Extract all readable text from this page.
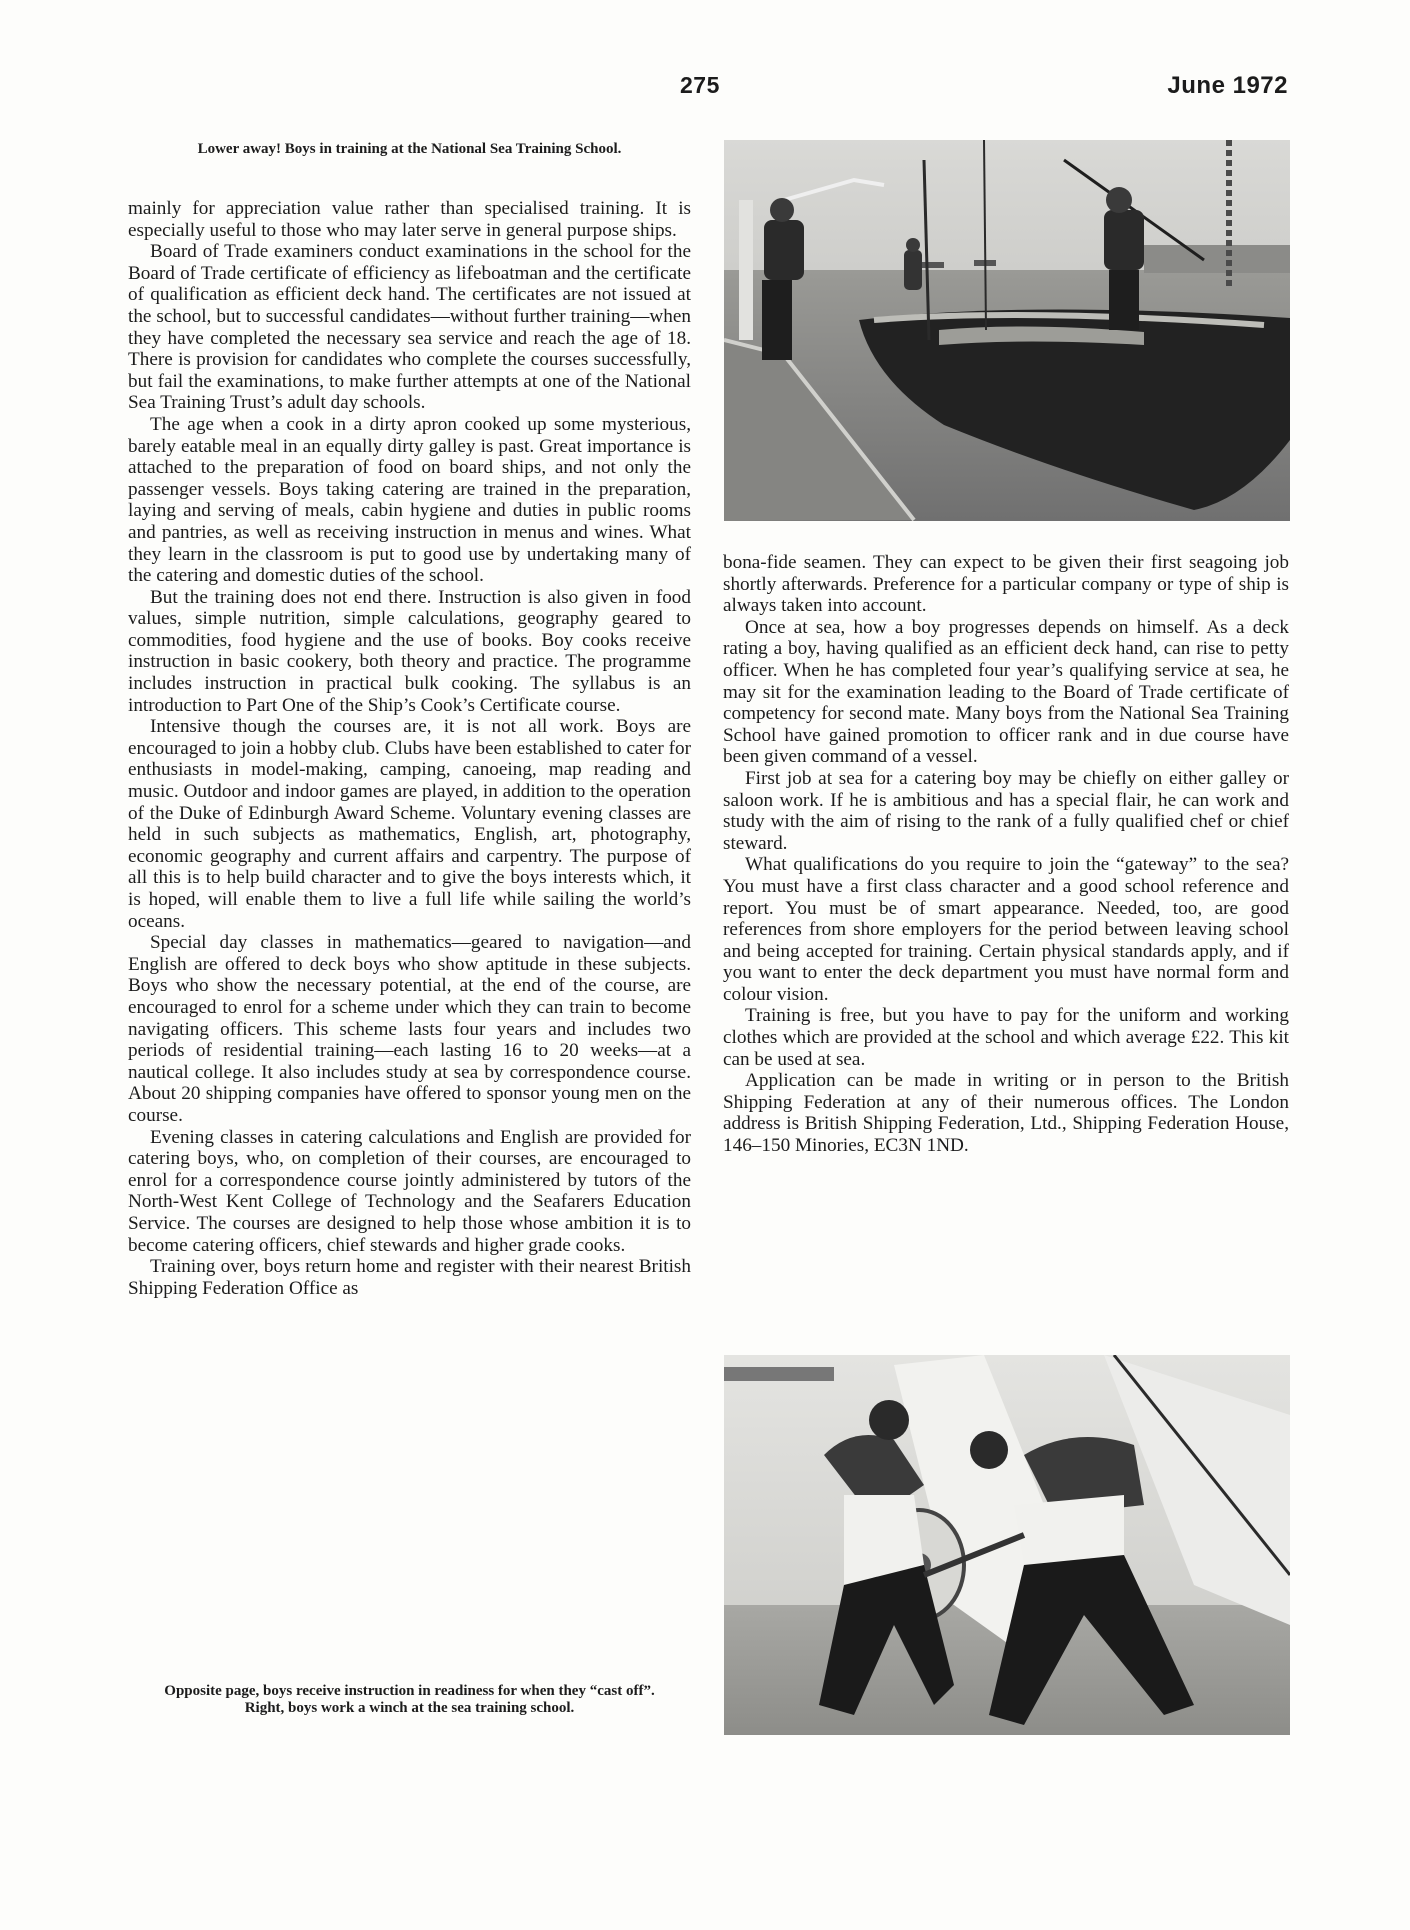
275	June 1972
Lower away! Boys in training at the National Sea Training School.

mainly for appreciation value rather than specialised training. It is especially useful to those who may later serve in general purpose ships.

Board of Trade examiners conduct examinations in the school for the Board of Trade certificate of efficiency as lifeboatman and the certificate of qualification as efficient deck hand. The certificates are not issued at the school, but to successful candidates—without further training—when they have completed the necessary sea service and reach the age of 18. There is provision for candidates who complete the courses successfully, but fail the examinations, to make further attempts at one of the National Sea Training Trust’s adult day schools.

The age when a cook in a dirty apron cooked up some mysterious, barely eatable meal in an equally dirty galley is past. Great importance is attached to the preparation of food on board ships, and not only the passenger vessels. Boys taking catering are trained in the preparation, laying and serving of meals, cabin hygiene and duties in public rooms and pantries, as well as receiving instruction in menus and wines. What they learn in the classroom is put to good use by undertaking many of the catering and domestic duties of the school.

But the training does not end there. Instruction is also given in food values, simple nutrition, simple calculations, geography geared to commodities, food hygiene and the use of books. Boy cooks receive instruction in basic cookery, both theory and practice. The programme includes instruction in practical bulk cooking. The syllabus is an introduction to Part One of the Ship’s Cook’s Certificate course.

Intensive though the courses are, it is not all work. Boys are encouraged to join a hobby club. Clubs have been established to cater for enthusiasts in model-making, camping, canoeing, map reading and music. Outdoor and indoor games are played, in addition to the operation of the Duke of Edinburgh Award Scheme. Voluntary evening classes are held in such subjects as mathematics, English, art, photography, economic geography and current affairs and carpentry. The purpose of all this is to help build character and to give the boys interests which, it is hoped, will enable them to live a full life while sailing the world’s oceans.

Special day classes in mathematics—geared to navigation—and English are offered to deck boys who show aptitude in these subjects. Boys who show the necessary potential, at the end of the course, are encouraged to enrol for a scheme under which they can train to become navigating officers. This scheme lasts four years and includes two periods of residential training—each lasting 16 to 20 weeks—at a nautical college. It also includes study at sea by correspondence course. About 20 shipping companies have offered to sponsor young men on the course.

Evening classes in catering calculations and English are provided for catering boys, who, on completion of their courses, are encouraged to enrol for a correspondence course jointly administered by tutors of the North-West Kent College of Technology and the Seafarers Education Service. The courses are designed to help those whose ambition it is to become catering officers, chief stewards and higher grade cooks.

Training over, boys return home and register with their nearest British Shipping Federation Office as

Opposite page, boys receive instruction in readiness for when they “cast off”.
Right, boys work a winch at the sea training school.

bona-fide seamen. They can expect to be given their first seagoing job shortly afterwards. Preference for a particular company or type of ship is always taken into account.

Once at sea, how a boy progresses depends on himself. As a deck rating a boy, having qualified as an efficient deck hand, can rise to petty officer. When he has completed four year’s qualifying service at sea, he may sit for the examination leading to the Board of Trade certificate of competency for second mate. Many boys from the National Sea Training School have gained promotion to officer rank and in due course have been given command of a vessel.

First job at sea for a catering boy may be chiefly on either galley or saloon work. If he is ambitious and has a special flair, he can work and study with the aim of rising to the rank of a fully qualified chef or chief steward.

What qualifications do you require to join the “gateway” to the sea? You must have a first class character and a good school reference and report. You must be of smart appearance. Needed, too, are good references from shore employers for the period between leaving school and being accepted for training. Certain physical standards apply, and if you want to enter the deck department you must have normal form and colour vision.

Training is free, but you have to pay for the uniform and working clothes which are provided at the school and which average £22. This kit can be used at sea.

Application can be made in writing or in person to the British Shipping Federation at any of their numerous offices. The London address is British Shipping Federation, Ltd., Shipping Federation House, 146–150 Minories, EC3N 1ND.
